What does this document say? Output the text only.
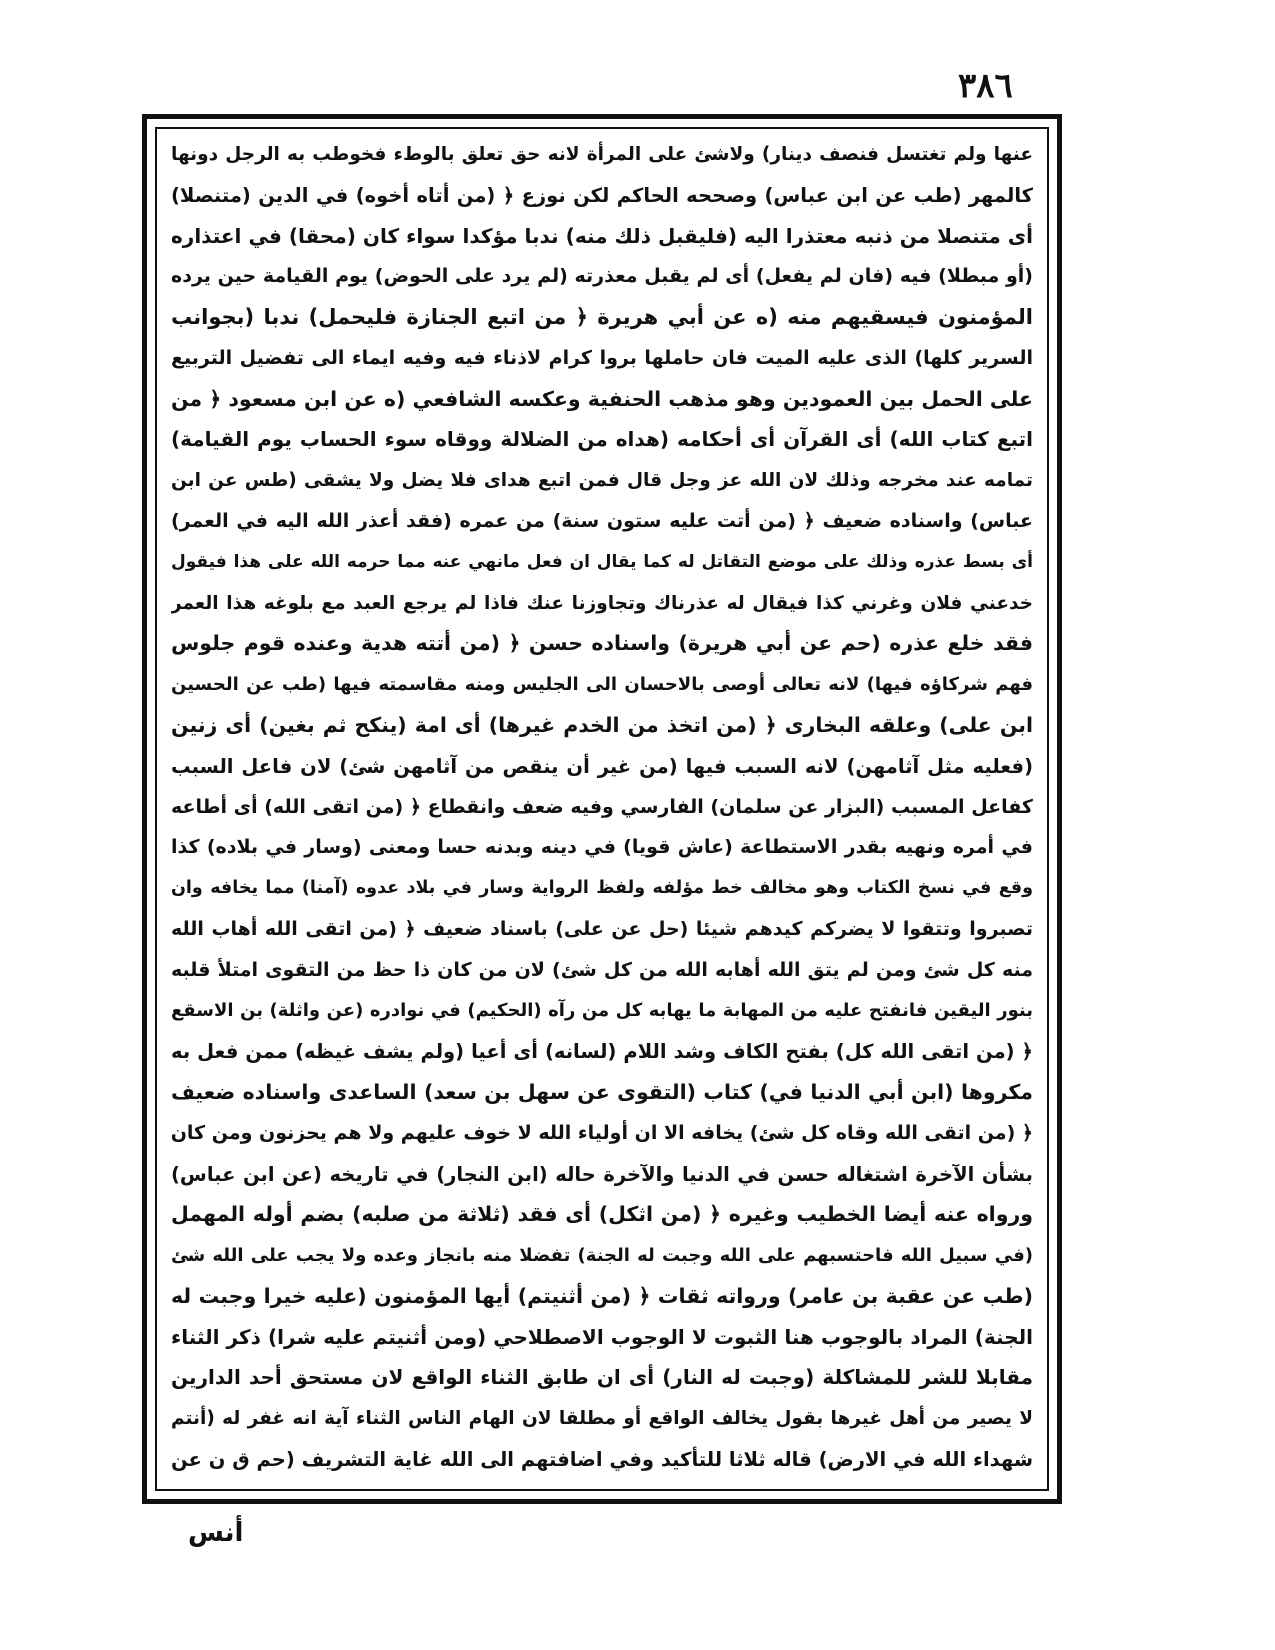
٣٨٦
عنها ولم تغتسل فنصف دينار) ولاشئ على المرأة لانه حق تعلق بالوطء فخوطب به الرجل دونها
كالمهر (طب عن ابن عباس) وصححه الحاكم لكن نوزع ﴿ (من أتاه أخوه) في الدين (متنصلا)
أى متنصلا من ذنبه معتذرا اليه (فليقبل ذلك منه) ندبا مؤكدا سواء كان (محقا) في اعتذاره
(أو مبطلا) فيه (فان لم يفعل) أى لم يقبل معذرته (لم يرد على الحوض) يوم القيامة حين يرده
المؤمنون فيسقيهم منه (ه عن أبي هريرة ﴿ من اتبع الجنازة فليحمل) ندبا (بجوانب
السرير كلها) الذى عليه الميت فان حاملها بروا كرام لاذناء فيه وفيه ايماء الى تفضيل التربيع
على الحمل بين العمودين وهو مذهب الحنفية وعكسه الشافعي (ه عن ابن مسعود ﴿ من
اتبع كتاب الله) أى القرآن أى أحكامه (هداه من الضلالة ووقاه سوء الحساب يوم القيامة)
تمامه عند مخرجه وذلك لان الله عز وجل قال فمن اتبع هداى فلا يضل ولا يشقى (طس عن ابن
عباس) واسناده ضعيف ﴿ (من أتت عليه ستون سنة) من عمره (فقد أعذر الله اليه في العمر)
أى بسط عذره وذلك على موضع التقاتل له كما يقال ان فعل مانهي عنه مما حرمه الله على هذا فيقول
خدعني فلان وغرني كذا فيقال له عذرناك وتجاوزنا عنك فاذا لم يرجع العبد مع بلوغه هذا العمر
فقد خلع عذره (حم عن أبي هريرة) واسناده حسن ﴿ (من أتته هدية وعنده قوم جلوس
فهم شركاؤه فيها) لانه تعالى أوصى بالاحسان الى الجليس ومنه مقاسمته فيها (طب عن الحسين
ابن على) وعلقه البخارى ﴿ (من اتخذ من الخدم غيرها) أى امة (ينكح ثم بغين) أى زنين
(فعليه مثل آثامهن) لانه السبب فيها (من غير أن ينقص من آثامهن شئ) لان فاعل السبب
كفاعل المسبب (البزار عن سلمان) الفارسي وفيه ضعف وانقطاع ﴿ (من اتقى الله) أى أطاعه
في أمره ونهيه بقدر الاستطاعة (عاش قويا) في دينه وبدنه حسا ومعنى (وسار في بلاده) كذا
وقع في نسخ الكتاب وهو مخالف خط مؤلفه ولفظ الرواية وسار في بلاد عدوه (آمنا) مما يخافه وان
تصبروا وتتقوا لا يضركم كيدهم شيئا (حل عن على) باسناد ضعيف ﴿ (من اتقى الله أهاب الله
منه كل شئ ومن لم يتق الله أهابه الله من كل شئ) لان من كان ذا حظ من التقوى امتلأ قلبه
بنور اليقين فانفتح عليه من المهابة ما يهابه كل من رآه (الحكيم) في نوادره (عن واثلة) بن الاسقع
﴿ (من اتقى الله كل) بفتح الكاف وشد اللام (لسانه) أى أعيا (ولم يشف غيظه) ممن فعل به
مكروها (ابن أبي الدنيا في) كتاب (التقوى عن سهل بن سعد) الساعدى واسناده ضعيف
﴿ (من اتقى الله وقاه كل شئ) يخافه الا ان أولياء الله لا خوف عليهم ولا هم يحزنون ومن كان
بشأن الآخرة اشتغاله حسن في الدنيا والآخرة حاله (ابن النجار) في تاريخه (عن ابن عباس)
ورواه عنه أيضا الخطيب وغيره ﴿ (من اثكل) أى فقد (ثلاثة من صلبه) بضم أوله المهمل
(في سبيل الله فاحتسبهم على الله وجبت له الجنة) تفضلا منه بانجاز وعده ولا يجب على الله شئ
(طب عن عقبة بن عامر) ورواته ثقات ﴿ (من أثنيتم) أيها المؤمنون (عليه خيرا وجبت له
الجنة) المراد بالوجوب هنا الثبوت لا الوجوب الاصطلاحي (ومن أثنيتم عليه شرا) ذكر الثناء
مقابلا للشر للمشاكلة (وجبت له النار) أى ان طابق الثناء الواقع لان مستحق أحد الدارين
لا يصير من أهل غيرها بقول يخالف الواقع أو مطلقا لان الهام الناس الثناء آية انه غفر له (أنتم
شهداء الله في الارض) قاله ثلاثا للتأكيد وفي اضافتهم الى الله غاية التشريف (حم ق ن عن
أنس
